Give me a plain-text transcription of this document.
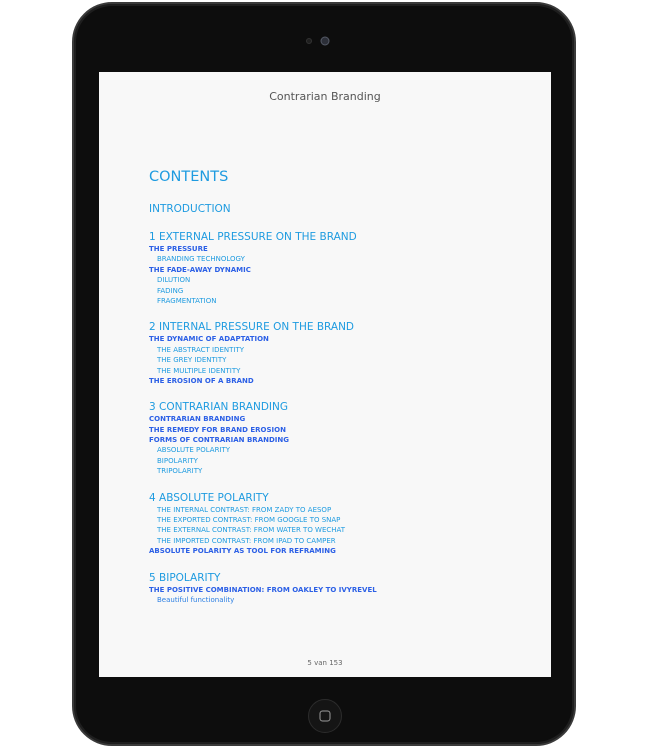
Contrarian Branding
CONTENTS
INTRODUCTION
1 EXTERNAL PRESSURE ON THE BRAND
THE PRESSURE
BRANDING TECHNOLOGY
THE FADE-AWAY DYNAMIC
DILUTION
FADING
FRAGMENTATION
2 INTERNAL PRESSURE ON THE BRAND
THE DYNAMIC OF ADAPTATION
THE ABSTRACT IDENTITY
THE GREY IDENTITY
THE MULTIPLE IDENTITY
THE EROSION OF A BRAND
3 CONTRARIAN BRANDING
CONTRARIAN BRANDING
THE REMEDY FOR BRAND EROSION
FORMS OF CONTRARIAN BRANDING
ABSOLUTE POLARITY
BIPOLARITY
TRIPOLARITY
4 ABSOLUTE POLARITY
THE INTERNAL CONTRAST: FROM ZADY TO AESOP
THE EXPORTED CONTRAST: FROM GOOGLE TO SNAP
THE EXTERNAL CONTRAST: FROM WATER TO WECHAT
THE IMPORTED CONTRAST: FROM IPAD TO CAMPER
ABSOLUTE POLARITY AS TOOL FOR REFRAMING
5 BIPOLARITY
THE POSITIVE COMBINATION: FROM OAKLEY TO IVYREVEL
Beautiful functionality
5 van 153
